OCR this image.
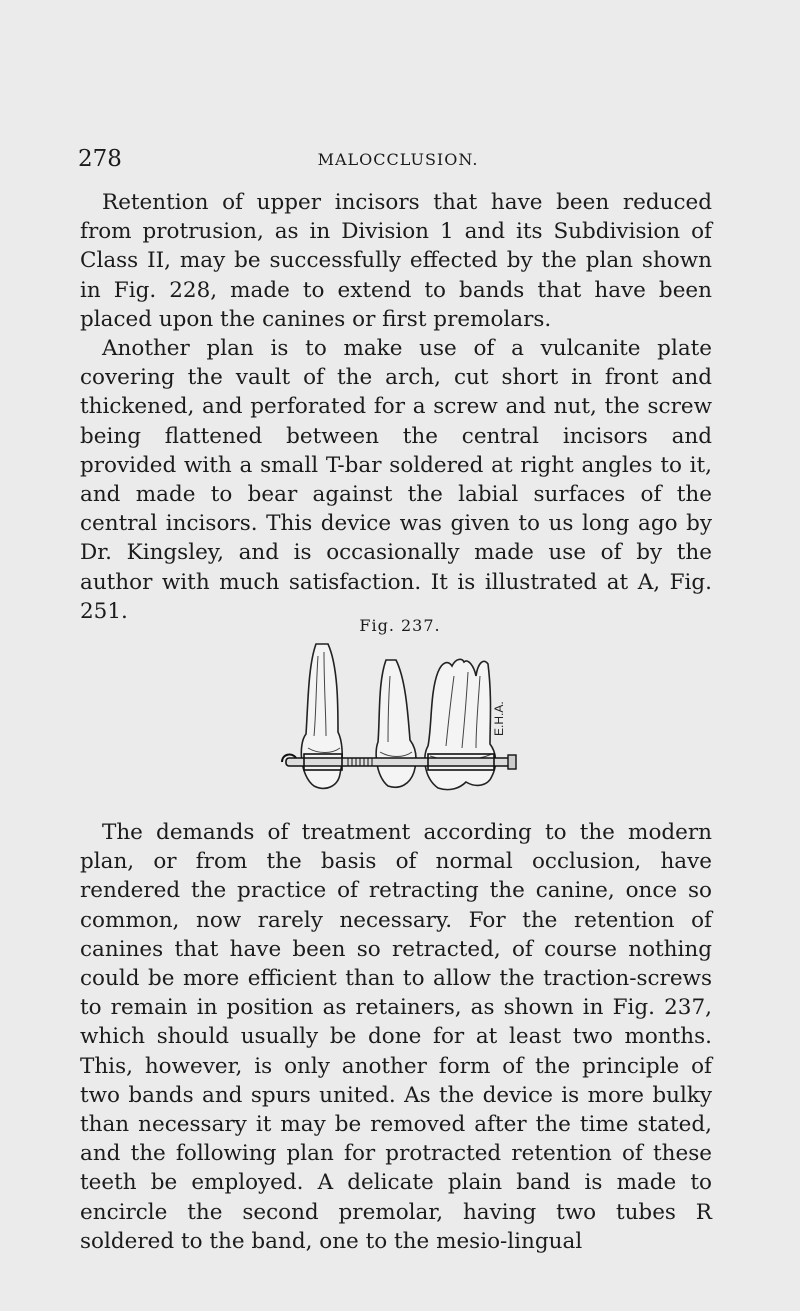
278	MALOCCLUSION.

Retention of upper incisors that have been reduced from protrusion, as in Division 1 and its Subdivision of Class II, may be successfully effected by the plan shown in Fig. 228, made to extend to bands that have been placed upon the canines or first premolars.

Another plan is to make use of a vulcanite plate covering the vault of the arch, cut short in front and thickened, and perforated for a screw and nut, the screw being flattened between the central incisors and provided with a small T-bar soldered at right angles to it, and made to bear against the labial surfaces of the central incisors. This device was given to us long ago by Dr. Kingsley, and is occasionally made use of by the author with much satisfaction. It is illustrated at A, Fig. 251.

Fig. 237.
E.H.A.

The demands of treatment according to the modern plan, or from the basis of normal occlusion, have rendered the practice of retracting the canine, once so common, now rarely necessary. For the retention of canines that have been so retracted, of course nothing could be more efficient than to allow the traction-screws to remain in position as retainers, as shown in Fig. 237, which should usually be done for at least two months. This, however, is only another form of the principle of two bands and spurs united. As the device is more bulky than necessary it may be removed after the time stated, and the following plan for protracted retention of these teeth be employed. A delicate plain band is made to encircle the second premolar, having two tubes R soldered to the band, one to the mesio-lingual
